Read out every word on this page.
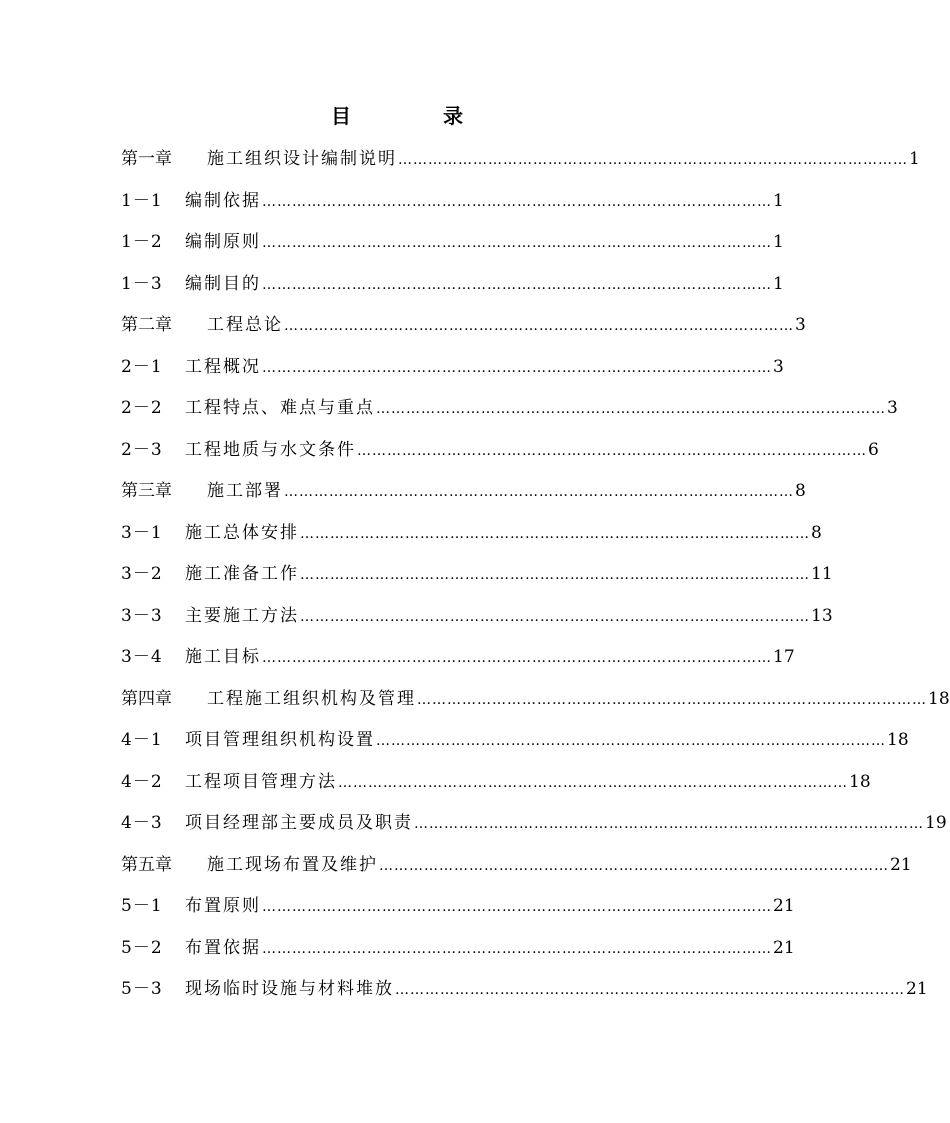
目　录
第一章	施工组织设计编制说明 ………………………………………………………………………………………… 1
1－1	编制依据 ………………………………………………………………………………………… 1
1－2	编制原则 ………………………………………………………………………………………… 1
1－3	编制目的 ………………………………………………………………………………………… 1
第二章	工程总论 ………………………………………………………………………………………… 3
2－1	工程概况 ………………………………………………………………………………………… 3
2－2	工程特点、难点与重点 ………………………………………………………………………………………… 3
2－3	工程地质与水文条件 ………………………………………………………………………………………… 6
第三章	施工部署 ………………………………………………………………………………………… 8
3－1	施工总体安排 ………………………………………………………………………………………… 8
3－2	施工准备工作 ………………………………………………………………………………………… 11
3－3	主要施工方法 ………………………………………………………………………………………… 13
3－4	施工目标 ………………………………………………………………………………………… 17
第四章	工程施工组织机构及管理 ………………………………………………………………………………………… 18
4－1	项目管理组织机构设置 ………………………………………………………………………………………… 18
4－2	工程项目管理方法 ………………………………………………………………………………………… 18
4－3	项目经理部主要成员及职责 ………………………………………………………………………………………… 19
第五章	施工现场布置及维护 ………………………………………………………………………………………… 21
5－1	布置原则 ………………………………………………………………………………………… 21
5－2	布置依据 ………………………………………………………………………………………… 21
5－3	现场临时设施与材料堆放 ………………………………………………………………………………………… 21
